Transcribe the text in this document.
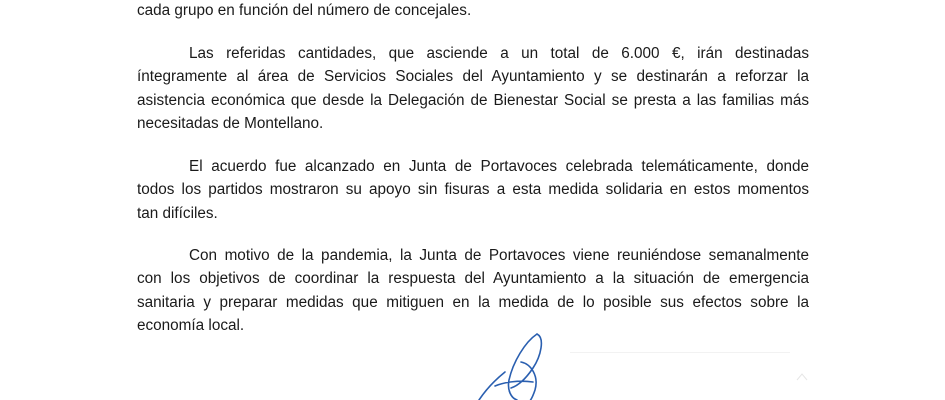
cada grupo en función del número de concejales.

Las referidas cantidades, que asciende a un total de 6.000 €, irán destinadas
íntegramente al área de Servicios Sociales del Ayuntamiento y se destinarán a reforzar la
asistencia económica que desde la Delegación de Bienestar Social se presta a las familias más
necesitadas de Montellano.

El acuerdo fue alcanzado en Junta de Portavoces celebrada telemáticamente, donde
todos los partidos mostraron su apoyo sin fisuras a esta medida solidaria en estos momentos
tan difíciles.

Con motivo de la pandemia, la Junta de Portavoces viene reuniéndose semanalmente
con los objetivos de coordinar la respuesta del Ayuntamiento a la situación de emergencia
sanitaria y preparar medidas que mitiguen en la medida de lo posible sus efectos sobre la
economía local.
